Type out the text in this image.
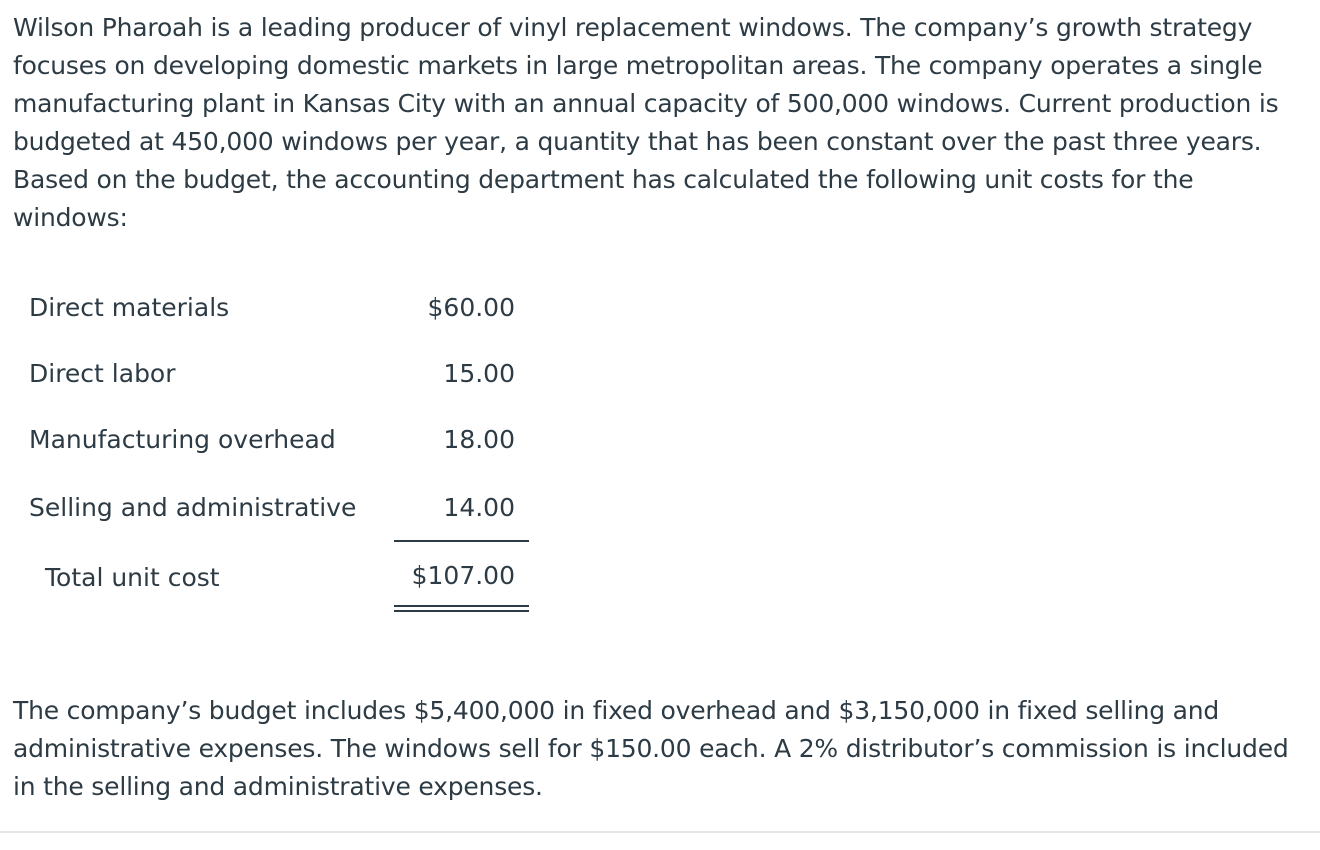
Wilson Pharoah is a leading producer of vinyl replacement windows. The company’s growth strategy focuses on developing domestic markets in large metropolitan areas. The company operates a single manufacturing plant in Kansas City with an annual capacity of 500,000 windows. Current production is budgeted at 450,000 windows per year, a quantity that has been constant over the past three years. Based on the budget, the accounting department has calculated the following unit costs for the windows:

Direct materials	$60.00
Direct labor	15.00
Manufacturing overhead	18.00
Selling and administrative	14.00
Total unit cost	$107.00

The company’s budget includes $5,400,000 in fixed overhead and $3,150,000 in fixed selling and administrative expenses. The windows sell for $150.00 each. A 2% distributor’s commission is included in the selling and administrative expenses.
